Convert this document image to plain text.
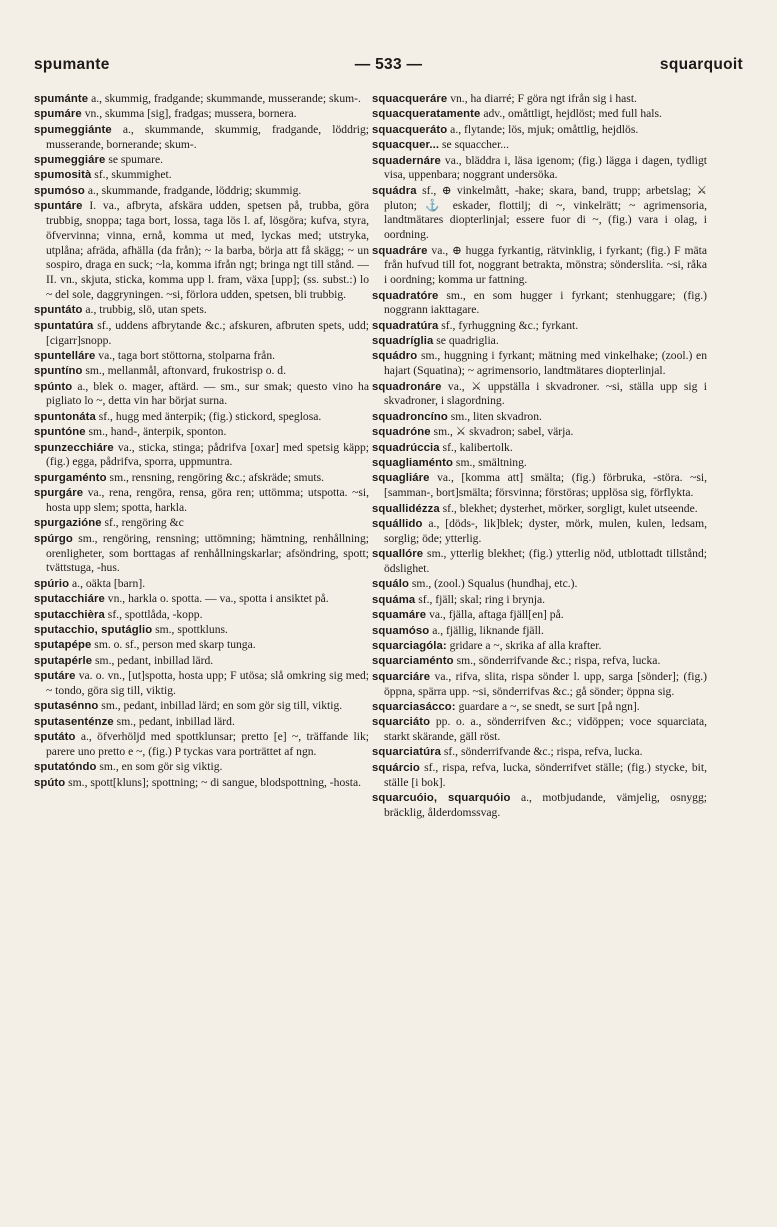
spumante	— 533 —	squarquoit

spumánte a., skummig, fradgande; skummande, musserande; skum-.

spumáre vn., skumma [sig], fradgas; mussera, bornera.

spumeggiánte a., skummande, skummig, fradgande, löddrig; musserande, bornerande; skum-.

spumeggiáre se spumare.

spumosità sf., skummighet.

spumóso a., skummande, fradgande, löddrig; skummig.

spuntáre I. va., afbryta, afskära udden, spetsen på, trubba, göra trubbig, snoppa; taga bort, lossa, taga lös l. af, lösgöra; kufva, styra, öfvervinna; vinna, ernå, komma ut med, lyckas med; utstryka, utplåna; afräda, afhälla (da från); ~ la barba, börja att få skägg; ~ un sospiro, draga en suck; ~la, komma ifrån ngt; bringa ngt till stånd. — II. vn., skjuta, sticka, komma upp l. fram, växa [upp]; (ss. subst.:) lo ~ del sole, daggryningen. ~si, förlora udden, spetsen, bli trubbig.

spuntáto a., trubbig, slö, utan spets.

spuntatúra sf., uddens afbrytande &c.; afskuren, afbruten spets, udd; [cigarr]snopp.

spuntelláre va., taga bort stöttorna, stolparna från.

spuntíno sm., mellanmål, aftonvard, frukostrisp o. d.

spúnto a., blek o. mager, aftärd. — sm., sur smak; questo vino ha pigliato lo ~, detta vin har börjat surna.

spuntonáta sf., hugg med änterpik; (fig.) stickord, speglosa.

spuntóne sm., hand-, änterpik, sponton.

spunzecchiáre va., sticka, stinga; pådrifva [oxar] med spetsig käpp; (fig.) egga, pådrifva, sporra, uppmuntra.

spurgaménto sm., rensning, rengöring &c.; afskräde; smuts.

spurgáre va., rena, rengöra, rensa, göra ren; uttömma; utspotta. ~si, hosta upp slem; spotta, harkla.

spurgazióne sf., rengöring &c

spúrgo sm., rengöring, rensning; uttömning; hämtning, renhållning; orenligheter, som borttagas af renhållningskarlar; afsöndring, spott; tvättstuga, -hus.

spúrio a., oäkta [barn].

sputacchiáre vn., harkla o. spotta. — va., spotta i ansiktet på.

sputacchièra sf., spottlåda, -kopp.

sputacchio, sputáglio sm., spottkluns.

sputapépe sm. o. sf., person med skarp tunga.

sputapérle sm., pedant, inbillad lärd.

sputáre va. o. vn., [ut]spotta, hosta upp; F utösa; slå omkring sig med; ~ tondo, göra sig till, viktig.

sputasénno sm., pedant, inbillad lärd; en som gör sig till, viktig.

sputasenténze sm., pedant, inbillad lärd.

sputáto a., öfverhöljd med spottklunsar; pretto [e] ~, träffande lik; parere uno pretto e ~, (fig.) P tyckas vara porträttet af ngn.

sputatóndo sm., en som gör sig viktig.

spúto sm., spott[kluns]; spottning; ~ di sangue, blodspottning, -hosta.

squacqueráre vn., ha diarré; F göra ngt ifrån sig i hast.

squacqueratamente adv., omåttligt, hejdlöst; med full hals.

squacqueráto a., flytande; lös, mjuk; omåttlig, hejdlös.

squacquer... se squaccher...

squadernáre va., bläddra i, läsa igenom; (fig.) lägga i dagen, tydligt visa, uppenbara; noggrant undersöka.

squádra sf., ⊕ vinkelmått, -hake; skara, band, trupp; arbetslag; ⚔ pluton; ⚓ eskader, flottilj; di ~, vinkelrätt; ~ agrimensoria, landtmätares diopterlinjal; essere fuor di ~, (fig.) vara i olag, i oordning.

squadráre va., ⊕ hugga fyrkantig, rätvinklig, i fyrkant; (fig.) F mäta från hufvud till fot, noggrant betrakta, mönstra; söndersliṫa. ~si, råka i oordning; komma ur fattning.

squadratóre sm., en som hugger i fyrkant; stenhuggare; (fig.) noggrann iakttagare.

squadratúra sf., fyrhuggning &c.; fyrkant.

squadríglia se quadriglia.

squádro sm., huggning i fyrkant; mätning med vinkelhake; (zool.) en hajart (Squatina); ~ agrimensorio, landtmätares diopterlinjal.

squadronáre va., ⚔ uppställa i skvadroner. ~si, ställa upp sig i skvadroner, i slagordning.

squadroncíno sm., liten skvadron.

squadróne sm., ⚔ skvadron; sabel, värja.

squadrúccia sf., kalibertolk.

squagliaménto sm., smältning.

squagliáre va., [komma att] smälta; (fig.) förbruka, -störa. ~si, [samman-, bort]smälta; försvinna; förstöras; upplösa sig, förflykta.

squallidézza sf., blekhet; dysterhet, mörker, sorgligt, kulet utseende.

squállido a., [döds-, lik]blek; dyster, mörk, mulen, kulen, ledsam, sorglig; öde; ytterlig.

squallóre sm., ytterlig blekhet; (fig.) ytterlig nöd, utblottadt tillstånd; ödslighet.

squálo sm., (zool.) Squalus (hundhaj, etc.).

squáma sf., fjäll; skal; ring i brynja.

squamáre va., fjälla, aftaga fjäll[en] på.

squamóso a., fjällig, liknande fjäll.

squarciagóla: gridare a ~, skrika af alla krafter.

squarciaménto sm., sönderrifvande &c.; rispa, refva, lucka.

squarciáre va., rifva, slita, rispa sönder l. upp, sarga [sönder]; (fig.) öppna, spärra upp. ~si, sönderrifvas &c.; gå sönder; öppna sig.

squarciasácco: guardare a ~, se snedt, se surt [på ngn].

squarciáto pp. o. a., sönderrifven &c.; vidöppen; voce squarciata, starkt skärande, gäll röst.

squarciatúra sf., sönderrifvande &c.; rispa, refva, lucka.

squárcio sf., rispa, refva, lucka, sönderrifvet ställe; (fig.) stycke, bit, ställe [i bok].

squarcuóio, squarquóio a., motbjudande, vämjelig, osnygg; bräcklig, ålderdomssvag.
